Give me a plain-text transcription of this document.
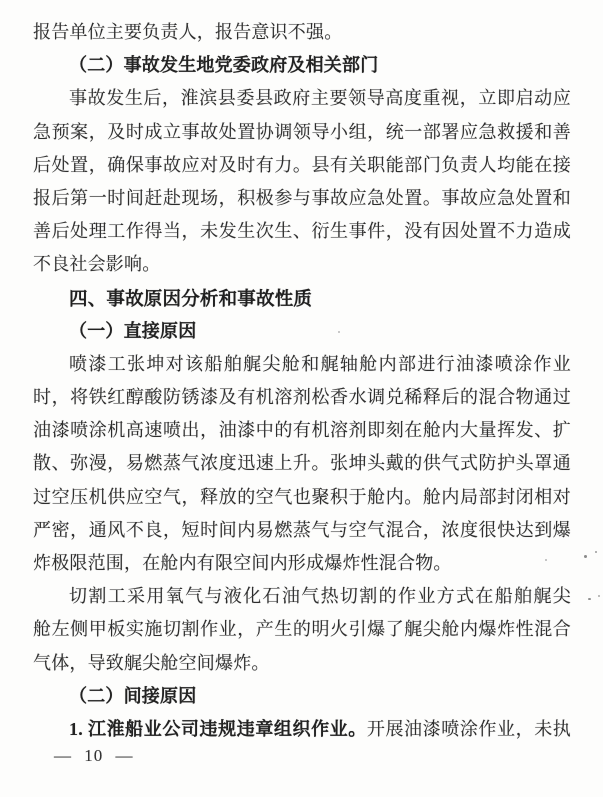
报告单位主要负责人，报告意识不强。
（二）事故发生地党委政府及相关部门
事故发生后，淮滨县委县政府主要领导高度重视，立即启动应
急预案，及时成立事故处置协调领导小组，统一部署应急救援和善
后处置，确保事故应对及时有力。县有关职能部门负责人均能在接
报后第一时间赶赴现场，积极参与事故应急处置。事故应急处置和
善后处理工作得当，未发生次生、衍生事件，没有因处置不力造成
不良社会影响。
四、事故原因分析和事故性质
（一）直接原因
喷漆工张坤对该船舶艉尖舱和艉轴舱内部进行油漆喷涂作业
时，将铁红醇酸防锈漆及有机溶剂松香水调兑稀释后的混合物通过
油漆喷涂机高速喷出，油漆中的有机溶剂即刻在舱内大量挥发、扩
散、弥漫，易燃蒸气浓度迅速上升。张坤头戴的供气式防护头罩通
过空压机供应空气，释放的空气也聚积于舱内。舱内局部封闭相对
严密，通风不良，短时间内易燃蒸气与空气混合，浓度很快达到爆
炸极限范围，在舱内有限空间内形成爆炸性混合物。
切割工采用氧气与液化石油气热切割的作业方式在船舶艉尖
舱左侧甲板实施切割作业，产生的明火引爆了艉尖舱内爆炸性混合
气体，导致艉尖舱空间爆炸。
（二）间接原因
1. 江淮船业公司违规违章组织作业。开展油漆喷涂作业，未执
— 10 —
